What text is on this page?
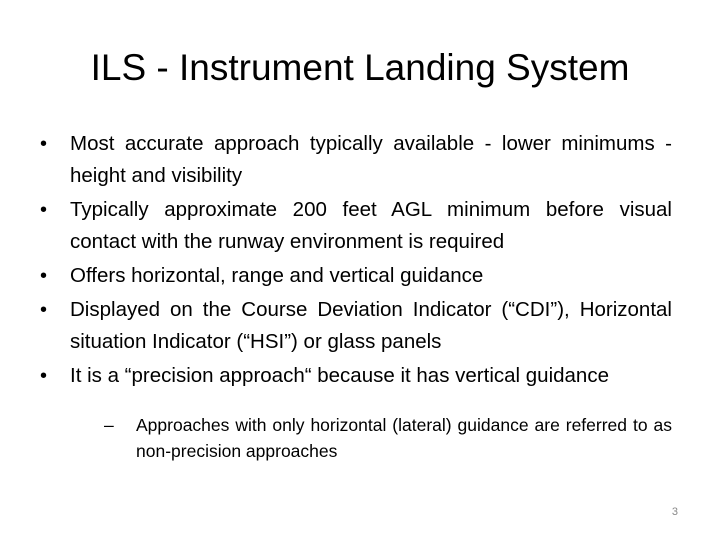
ILS - Instrument Landing System
•	Most accurate approach typically available - lower minimums - height and visibility
•	Typically approximate 200 feet AGL minimum before visual contact with the runway environment is required
•	Offers horizontal, range and vertical guidance
•	Displayed on the Course Deviation Indicator (“CDI”), Horizontal situation Indicator (“HSI”) or glass panels
•	It is a “precision approach“ because it has vertical guidance
–	Approaches with only horizontal (lateral) guidance are referred to as non-precision approaches
3
